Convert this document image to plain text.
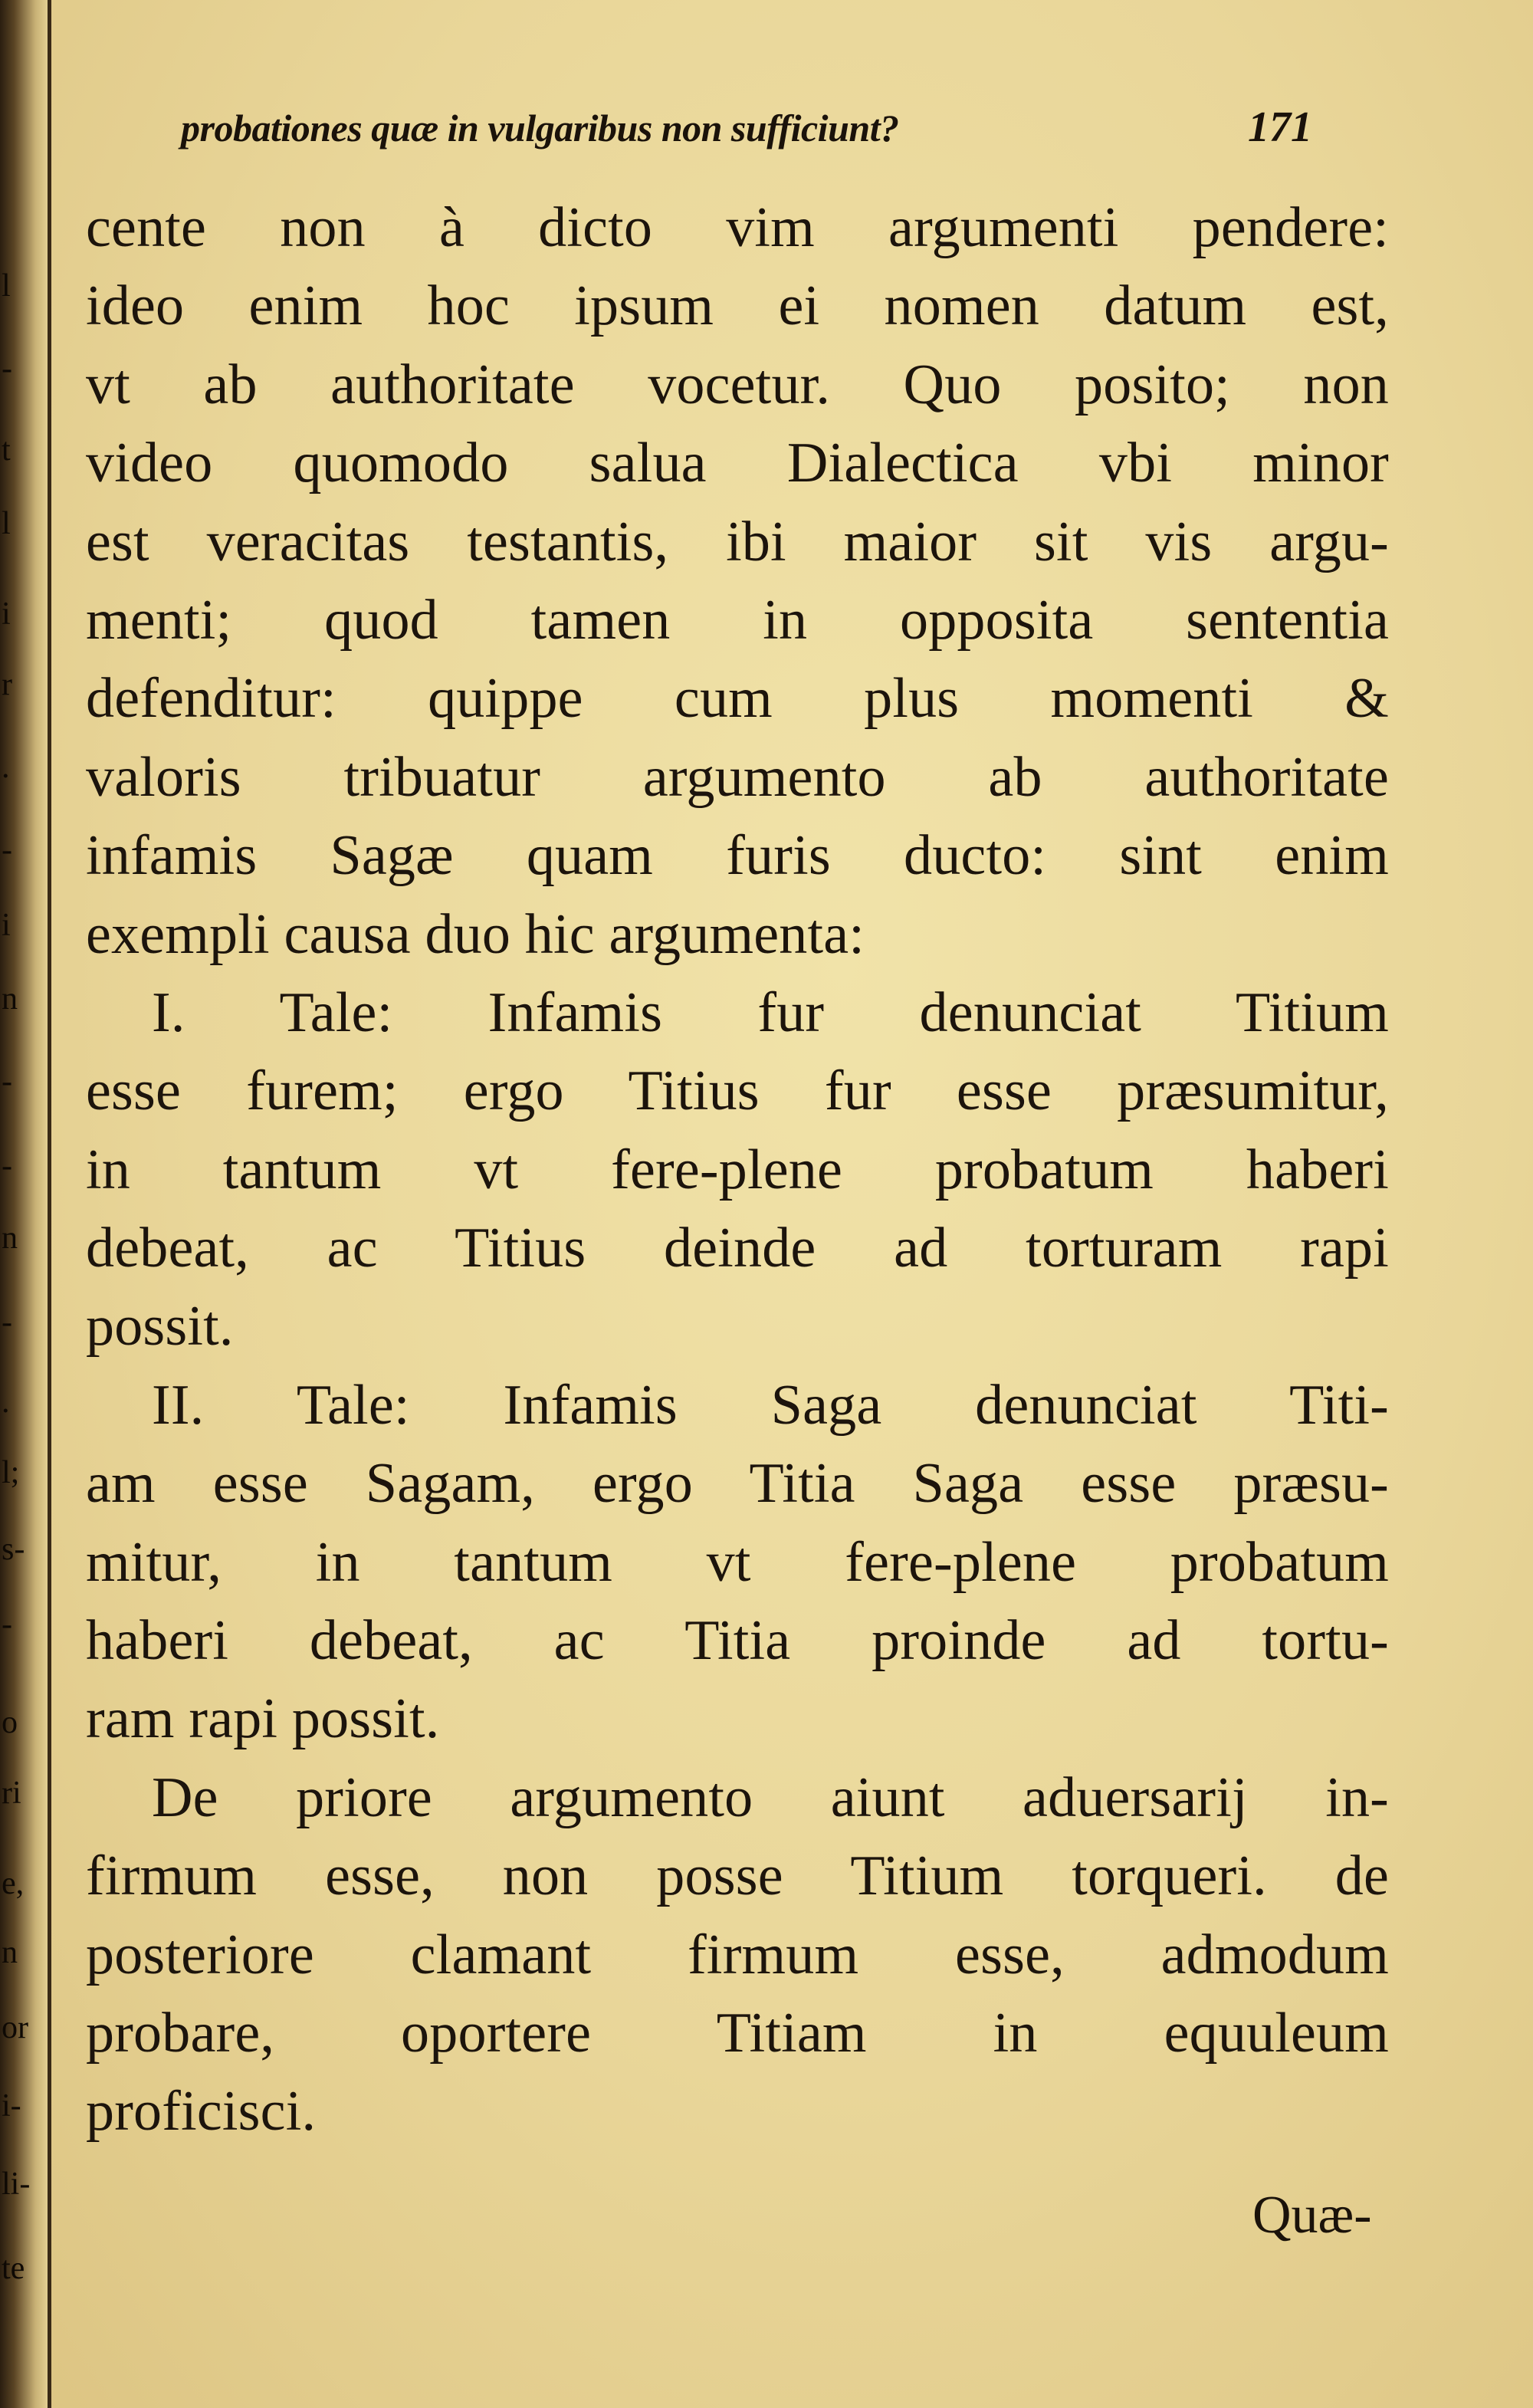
l
-
t
l
i
r
.
-
i
n
-
-
n
-
.
l;
s-
-
o
ri
e,
n
or
i-
li-
te
probationes quæ in vulgaribus non sufficiunt?	171
cente non à dicto vim argumenti pendere:
ideo enim hoc ipsum ei nomen datum est,
vt ab authoritate vocetur. Quo posito; non
video quomodo salua Dialectica vbi minor
est veracitas testantis, ibi maior sit vis argu-
menti; quod tamen in opposita sententia
defenditur: quippe cum plus momenti &
valoris tribuatur argumento ab authoritate
infamis Sagæ quam furis ducto: sint enim
exempli causa duo hic argumenta:
I. Tale: Infamis fur denunciat Titium
esse furem; ergo Titius fur esse præsumitur,
in tantum vt fere-plene probatum haberi
debeat, ac Titius deinde ad torturam rapi
possit.
II. Tale: Infamis Saga denunciat Titi-
am esse Sagam, ergo Titia Saga esse præsu-
mitur, in tantum vt fere-plene probatum
haberi debeat, ac Titia proinde ad tortu-
ram rapi possit.
De priore argumento aiunt aduersarij in-
firmum esse, non posse Titium torqueri. de
posteriore clamant firmum esse, admodum
probare, oportere Titiam in equuleum
proficisci.
Quæ-
